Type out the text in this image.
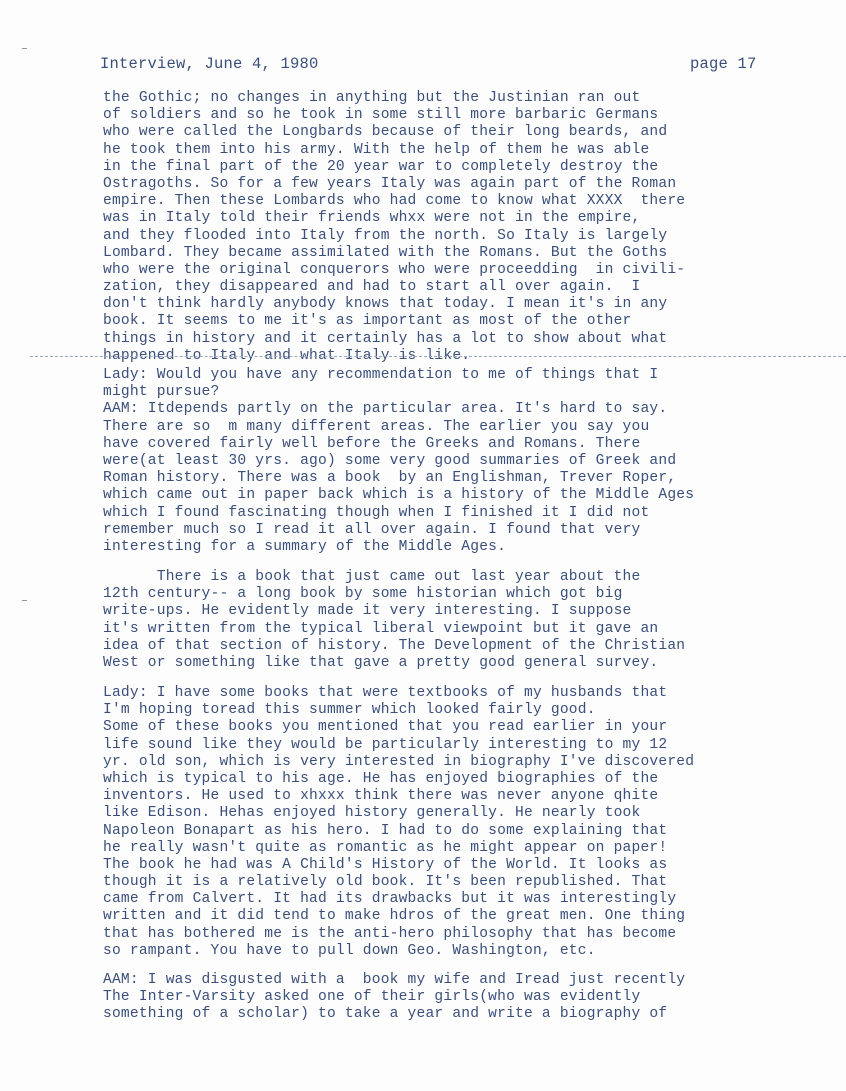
Interview, June 4, 1980	page 17
the Gothic; no changes in anything but the Justinian ran out
of soldiers and so he took in some still more barbaric Germans
who were called the Longbards because of their long beards, and
he took them into his army. With the help of them he was able
in the final part of the 20 year war to completely destroy the
Ostragoths. So for a few years Italy was again part of the Roman
empire. Then these Lombards who had come to know what XXXX  there
was in Italy told their friends whxx were not in the empire,
and they flooded into Italy from the north. So Italy is largely
Lombard. They became assimilated with the Romans. But the Goths
who were the original conquerors who were proceedding  in civili-
zation, they disappeared and had to start all over again.  I
don't think hardly anybody knows that today. I mean it's in any
book. It seems to me it's as important as most of the other
things in history and it certainly has a lot to show about what
happened to Italy and what Italy is like.
Lady: Would you have any recommendation to me of things that I
might pursue?
AAM: Itdepends partly on the particular area. It's hard to say.
There are so  m many different areas. The earlier you say you
have covered fairly well before the Greeks and Romans. There
were(at least 30 yrs. ago) some very good summaries of Greek and
Roman history. There was a book  by an Englishman, Trever Roper,
which came out in paper back which is a history of the Middle Ages
which I found fascinating though when I finished it I did not
remember much so I read it all over again. I found that very
interesting for a summary of the Middle Ages.
There is a book that just came out last year about the
12th century-- a long book by some historian which got big
write-ups. He evidently made it very interesting. I suppose
it's written from the typical liberal viewpoint but it gave an
idea of that section of history. The Development of the Christian
West or something like that gave a pretty good general survey.
Lady: I have some books that were textbooks of my husbands that
I'm hoping toread this summer which looked fairly good.
Some of these books you mentioned that you read earlier in your
life sound like they would be particularly interesting to my 12
yr. old son, which is very interested in biography I've discovered
which is typical to his age. He has enjoyed biographies of the
inventors. He used to xhxxx think there was never anyone qhite
like Edison. Hehas enjoyed history generally. He nearly took
Napoleon Bonapart as his hero. I had to do some explaining that
he really wasn't quite as romantic as he might appear on paper!
The book he had was A Child's History of the World. It looks as
though it is a relatively old book. It's been republished. That
came from Calvert. It had its drawbacks but it was interestingly
written and it did tend to make hdros of the great men. One thing
that has bothered me is the anti-hero philosophy that has become
so rampant. You have to pull down Geo. Washington, etc.
AAM: I was disgusted with a  book my wife and Iread just recently
The Inter-Varsity asked one of their girls(who was evidently
something of a scholar) to take a year and write a biography of
